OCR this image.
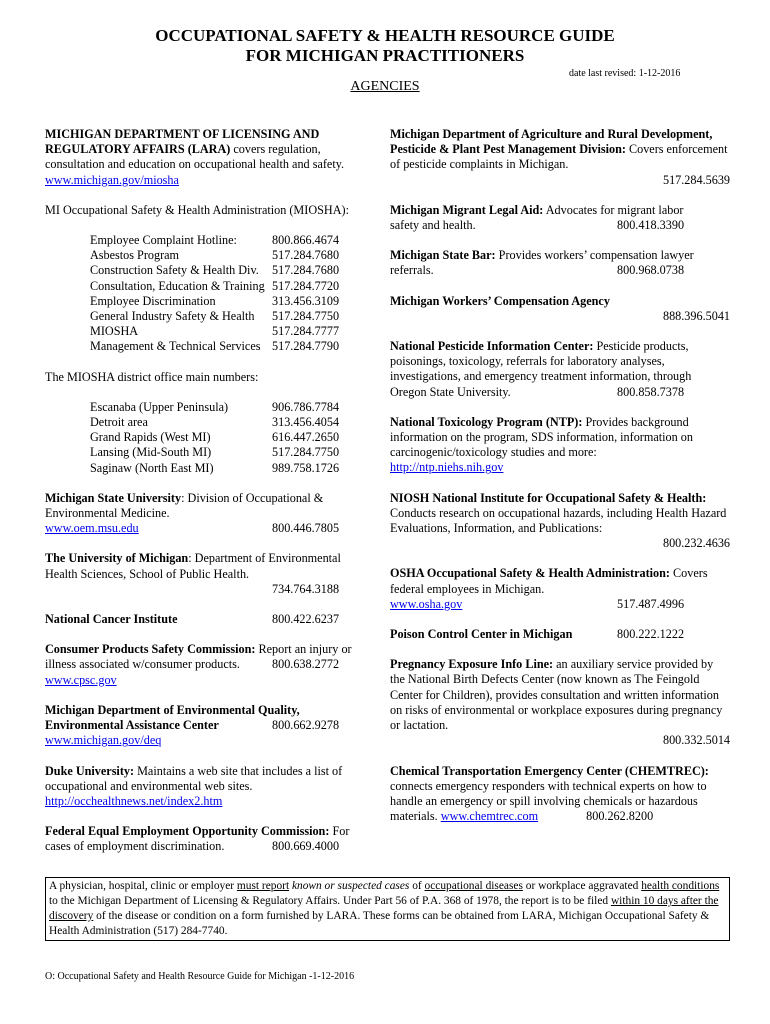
OCCUPATIONAL SAFETY & HEALTH RESOURCE GUIDE
FOR MICHIGAN PRACTITIONERS
date last revised: 1-12-2016
AGENCIES
MICHIGAN DEPARTMENT OF LICENSING AND REGULATORY AFFAIRS (LARA) covers regulation, consultation and education on occupational health and safety.
www.michigan.gov/miosha
MI Occupational Safety & Health Administration (MIOSHA):
Employee Complaint Hotline:	800.866.4674
Asbestos Program	517.284.7680
Construction Safety & Health Div.	517.284.7680
Consultation, Education & Training 517.284.7720
Employee Discrimination	313.456.3109
General Industry Safety & Health	517.284.7750
MIOSHA	517.284.7777
Management & Technical Services 517.284.7790
The MIOSHA district office main numbers:
Escanaba (Upper Peninsula)	906.786.7784
Detroit area	313.456.4054
Grand Rapids (West MI)	616.447.2650
Lansing (Mid-South MI)	517.284.7750
Saginaw (North East MI)	989.758.1726
Michigan State University: Division of Occupational & Environmental Medicine.
www.oem.msu.edu	800.446.7805
The University of Michigan: Department of Environmental Health Sciences, School of Public Health.
734.764.3188
National Cancer Institute	800.422.6237
Consumer Products Safety Commission: Report an injury or
illness associated w/consumer products.	800.638.2772
www.cpsc.gov
Michigan Department of Environmental Quality,
Environmental Assistance Center	800.662.9278
www.michigan.gov/deq
Duke University: Maintains a web site that includes a list of occupational and environmental web sites.
http://occhealthnews.net/index2.htm
Federal Equal Employment Opportunity Commission: For
cases of employment discrimination.	800.669.4000
Michigan Department of Agriculture and Rural Development, Pesticide & Plant Pest Management Division: Covers enforcement of pesticide complaints in Michigan.
517.284.5639
Michigan Migrant Legal Aid: Advocates for migrant labor
safety and health.	800.418.3390
Michigan State Bar: Provides workers’ compensation lawyer
referrals.	800.968.0738
Michigan Workers’ Compensation Agency
888.396.5041
National Pesticide Information Center: Pesticide products, poisonings, toxicology, referrals for laboratory analyses, investigations, and emergency treatment information, through
Oregon State University.	800.858.7378
National Toxicology Program (NTP): Provides background information on the program, SDS information, information on carcinogenic/toxicology studies and more:
http://ntp.niehs.nih.gov
NIOSH National Institute for Occupational Safety & Health:
Conducts research on occupational hazards, including Health Hazard Evaluations, Information, and Publications:
800.232.4636
OSHA Occupational Safety & Health Administration: Covers federal employees in Michigan.
www.osha.gov	517.487.4996
Poison Control Center in Michigan	800.222.1222
Pregnancy Exposure Info Line: an auxiliary service provided by the National Birth Defects Center (now known as The Feingold Center for Children), provides consultation and written information on risks of environmental or workplace exposures during pregnancy or lactation.
800.332.5014
Chemical Transportation Emergency Center (CHEMTREC): connects emergency responders with technical experts on how to handle an emergency or spill involving chemicals or hazardous materials. www.chemtrec.com	800.262.8200
A physician, hospital, clinic or employer must report known or suspected cases of occupational diseases or workplace aggravated health conditions to the Michigan Department of Licensing & Regulatory Affairs. Under Part 56 of P.A. 368 of 1978, the report is to be filed within 10 days after the discovery of the disease or condition on a form furnished by LARA. These forms can be obtained from LARA, Michigan Occupational Safety & Health Administration (517) 284-7740.
O: Occupational Safety and Health Resource Guide for Michigan -1-12-2016
